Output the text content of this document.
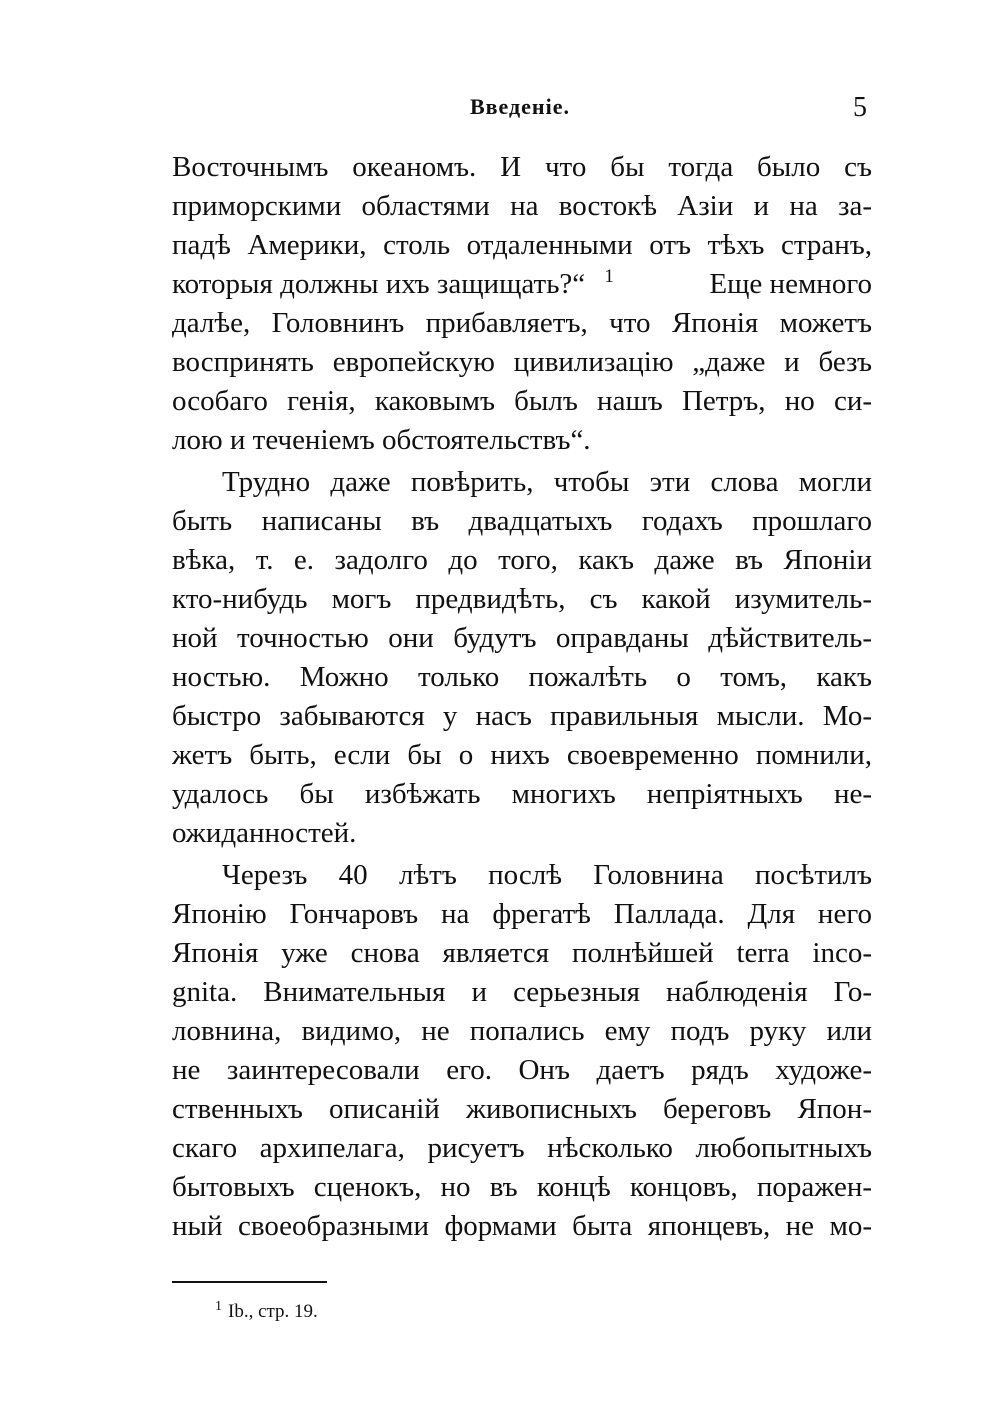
Введеніе.	5
Восточнымъ океаномъ. И что бы тогда было съ
приморскими областями на востокѣ Азіи и на за-
падѣ Америки, столь отдаленными отъ тѣхъ странъ,
которыя должны ихъ защищать?“ $^1$	Еще немного
далѣе, Головнинъ прибавляетъ, что Японія можетъ
воспринять европейскую цивилизацію „даже и безъ
особаго генія, каковымъ былъ нашъ Петръ, но си-
лою и теченіемъ обстоятельствъ“.
Трудно даже повѣрить, чтобы эти слова могли
быть написаны въ двадцатыхъ годахъ прошлаго
вѣка, т. е. задолго до того, какъ даже въ Японіи
кто-нибудь могъ предвидѣть, съ какой изумитель-
ной точностью они будутъ оправданы дѣйствитель-
ностью. Можно только пожалѣть о томъ, какъ
быстро забываются у насъ правильныя мысли. Мо-
жетъ быть, если бы о нихъ своевременно помнили,
удалось бы избѣжать многихъ непріятныхъ не-
ожиданностей.
Черезъ 40 лѣтъ послѣ Головнина посѣтилъ
Японію Гончаровъ на фрегатѣ Паллада. Для него
Японія уже снова является полнѣйшей terra inco-
gnita. Внимательныя и серьезныя наблюденія Го-
ловнина, видимо, не попались ему подъ руку или
не заинтересовали его. Онъ даетъ рядъ художе-
ственныхъ описаній живописныхъ береговъ Япон-
скаго архипелага, рисуетъ нѣсколько любопытныхъ
бытовыхъ сценокъ, но въ концѣ концовъ, поражен-
ный своеобразными формами быта японцевъ, не мо-
$^1$ Ib., стр. 19.
